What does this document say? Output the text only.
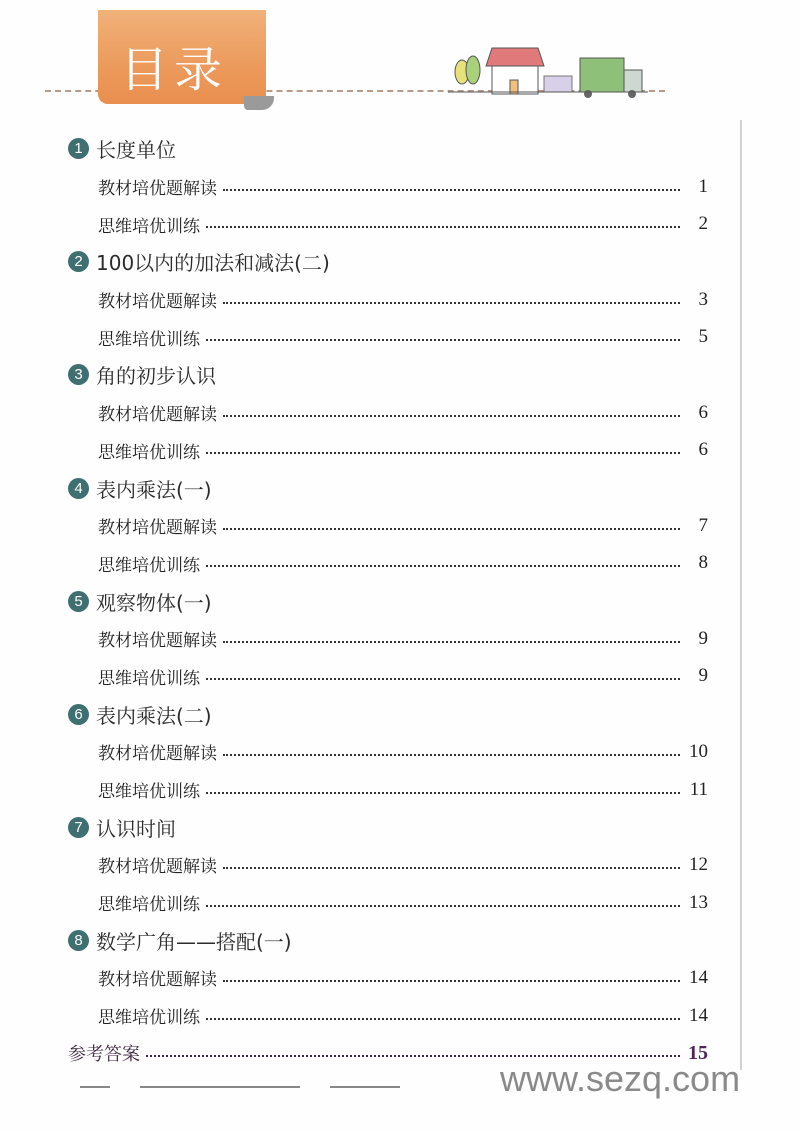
目录
1 长度单位
教材培优题解读	1
思维培优训练	2
2 100以内的加法和减法(二)
教材培优题解读	3
思维培优训练	5
3 角的初步认识
教材培优题解读	6
思维培优训练	6
4 表内乘法(一)
教材培优题解读	7
思维培优训练	8
5 观察物体(一)
教材培优题解读	9
思维培优训练	9
6 表内乘法(二)
教材培优题解读	10
思维培优训练	11
7 认识时间
教材培优题解读	12
思维培优训练	13
8 数学广角——搭配(一)
教材培优题解读	14
思维培优训练	14
参考答案	15
www.sezq.com
